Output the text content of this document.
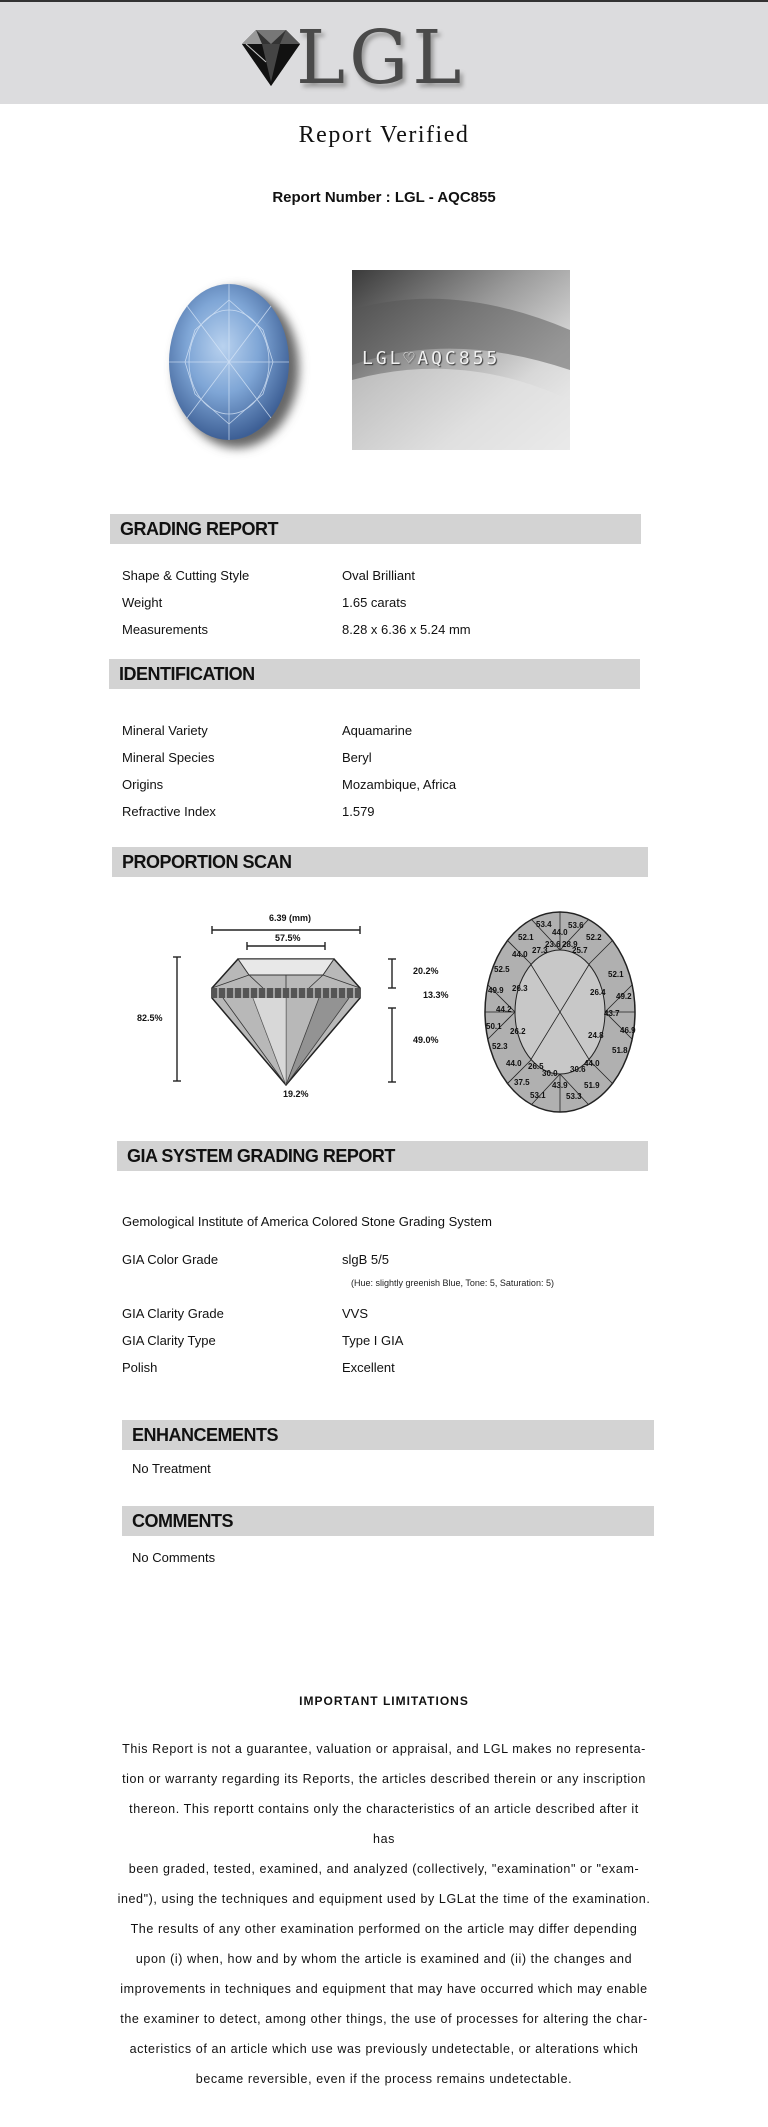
LGL
Report Verified
Report Number : LGL - AQC855
LGL♡AQC855
GRADING REPORT
Shape & Cutting Style	Oval Brilliant
Weight	1.65 carats
Measurements	8.28 x 6.36 x 5.24 mm
IDENTIFICATION
Mineral Variety	Aquamarine
Mineral Species	Beryl
Origins	Mozambique, Africa
Refractive Index	1.579
PROPORTION SCAN
6.39 (mm)
57.5%
82.5%
20.2%
13.3%
49.0%
19.2%
53.4 53.6
44.0
52.1	52.2
27.3	25.7
44.0
23.6 28.9
52.5
52.1
49.9 26.3	26.4 49.2
44.2	43.7
50.1	46.9
26.2	24.8
52.3	51.8
44.0	44.0
26.5
30.0 30.6
37.5	51.9
43.9
53.1	53.3
GIA SYSTEM GRADING REPORT
Gemological Institute of America Colored Stone Grading System
GIA Color Grade	slgB 5/5
(Hue: slightly greenish Blue, Tone: 5, Saturation: 5)
GIA Clarity Grade	VVS
GIA Clarity Type	Type I GIA
Polish	Excellent
ENHANCEMENTS
No Treatment
COMMENTS
No Comments
IMPORTANT LIMITATIONS
This Report is not a guarantee, valuation or appraisal, and LGL makes no representa-
tion or warranty regarding its Reports, the articles described therein or any inscription
thereon. This reportt contains only the characteristics of an article described after it has
been graded, tested, examined, and analyzed (collectively, "examination" or "exam-
ined"), using the techniques and equipment used by LGLat the time of the examination.
The results of any other examination performed on the article may differ depending
upon (i) when, how and by whom the article is examined and (ii) the changes and
improvements in techniques and equipment that may have occurred which may enable
the examiner to detect, among other things, the use of processes for altering the char-
acteristics of an article which use was previously undetectable, or alterations which
became reversible, even if the process remains undetectable.
